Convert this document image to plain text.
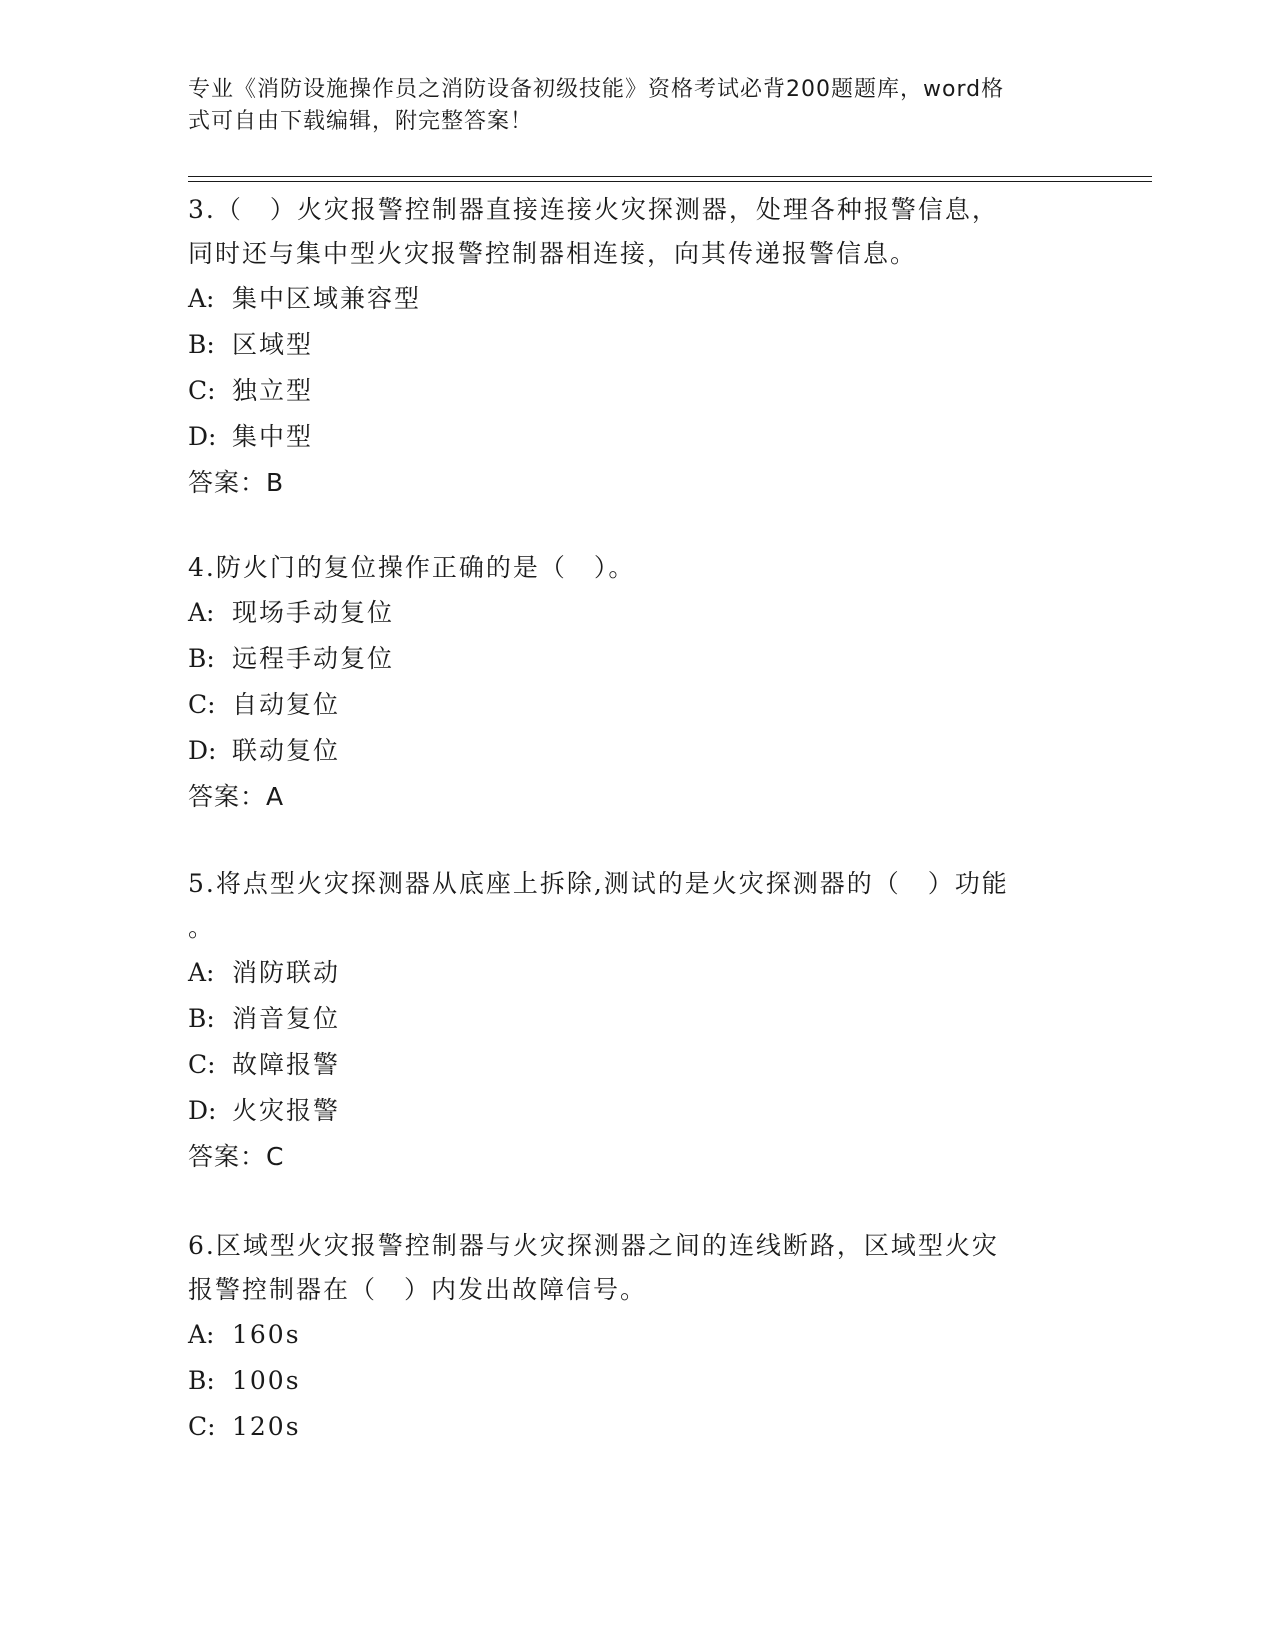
专业《消防设施操作员之消防设备初级技能》资格考试必背200题题库，word格
式可自由下载编辑，附完整答案！

3.（　）火灾报警控制器直接连接火灾探测器，处理各种报警信息，

同时还与集中型火灾报警控制器相连接，向其传递报警信息。

A: 集中区域兼容型

B: 区域型

C: 独立型

D: 集中型

答案：B

4.防火门的复位操作正确的是（　）。

A: 现场手动复位

B: 远程手动复位

C: 自动复位

D: 联动复位

答案：A

5.将点型火灾探测器从底座上拆除,测试的是火灾探测器的（　）功能

。

A: 消防联动

B: 消音复位

C: 故障报警

D: 火灾报警

答案：C

6.区域型火灾报警控制器与火灾探测器之间的连线断路，区域型火灾

报警控制器在（　）内发出故障信号。

A: 160s

B: 100s

C: 120s
